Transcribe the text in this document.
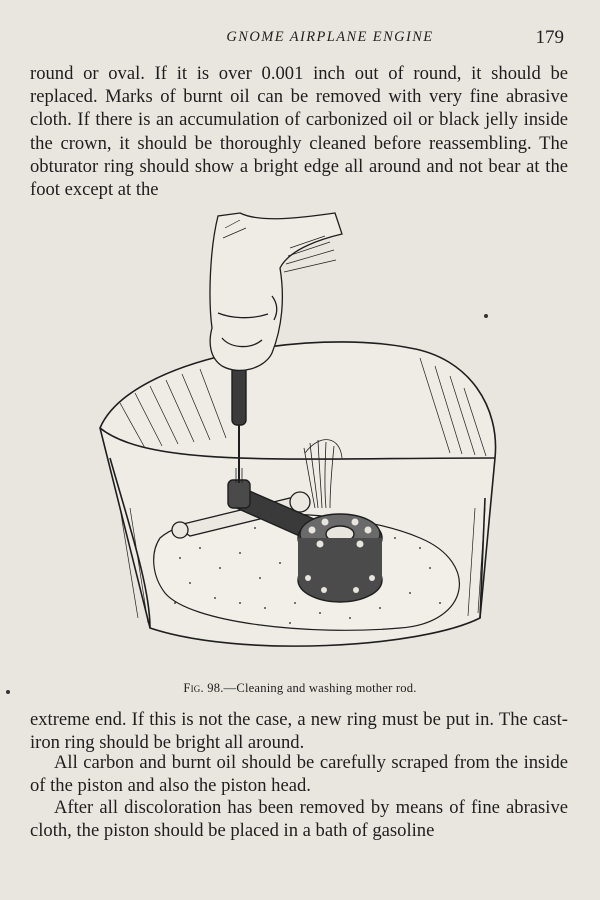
GNOME AIRPLANE ENGINE	179

round or oval. If it is over 0.001 inch out of round, it should be replaced. Marks of burnt oil can be removed with very fine abrasive cloth. If there is an accumulation of carbonized oil or black jelly inside the crown, it should be thoroughly cleaned before reassembling. The obturator ring should show a bright edge all around and not bear at the foot except at the

Fig. 98.—Cleaning and washing mother rod.

extreme end. If this is not the case, a new ring must be put in. The cast-iron ring should be bright all around.

All carbon and burnt oil should be carefully scraped from the inside of the piston and also the piston head.

After all discoloration has been removed by means of fine abrasive cloth, the piston should be placed in a bath of gasoline
